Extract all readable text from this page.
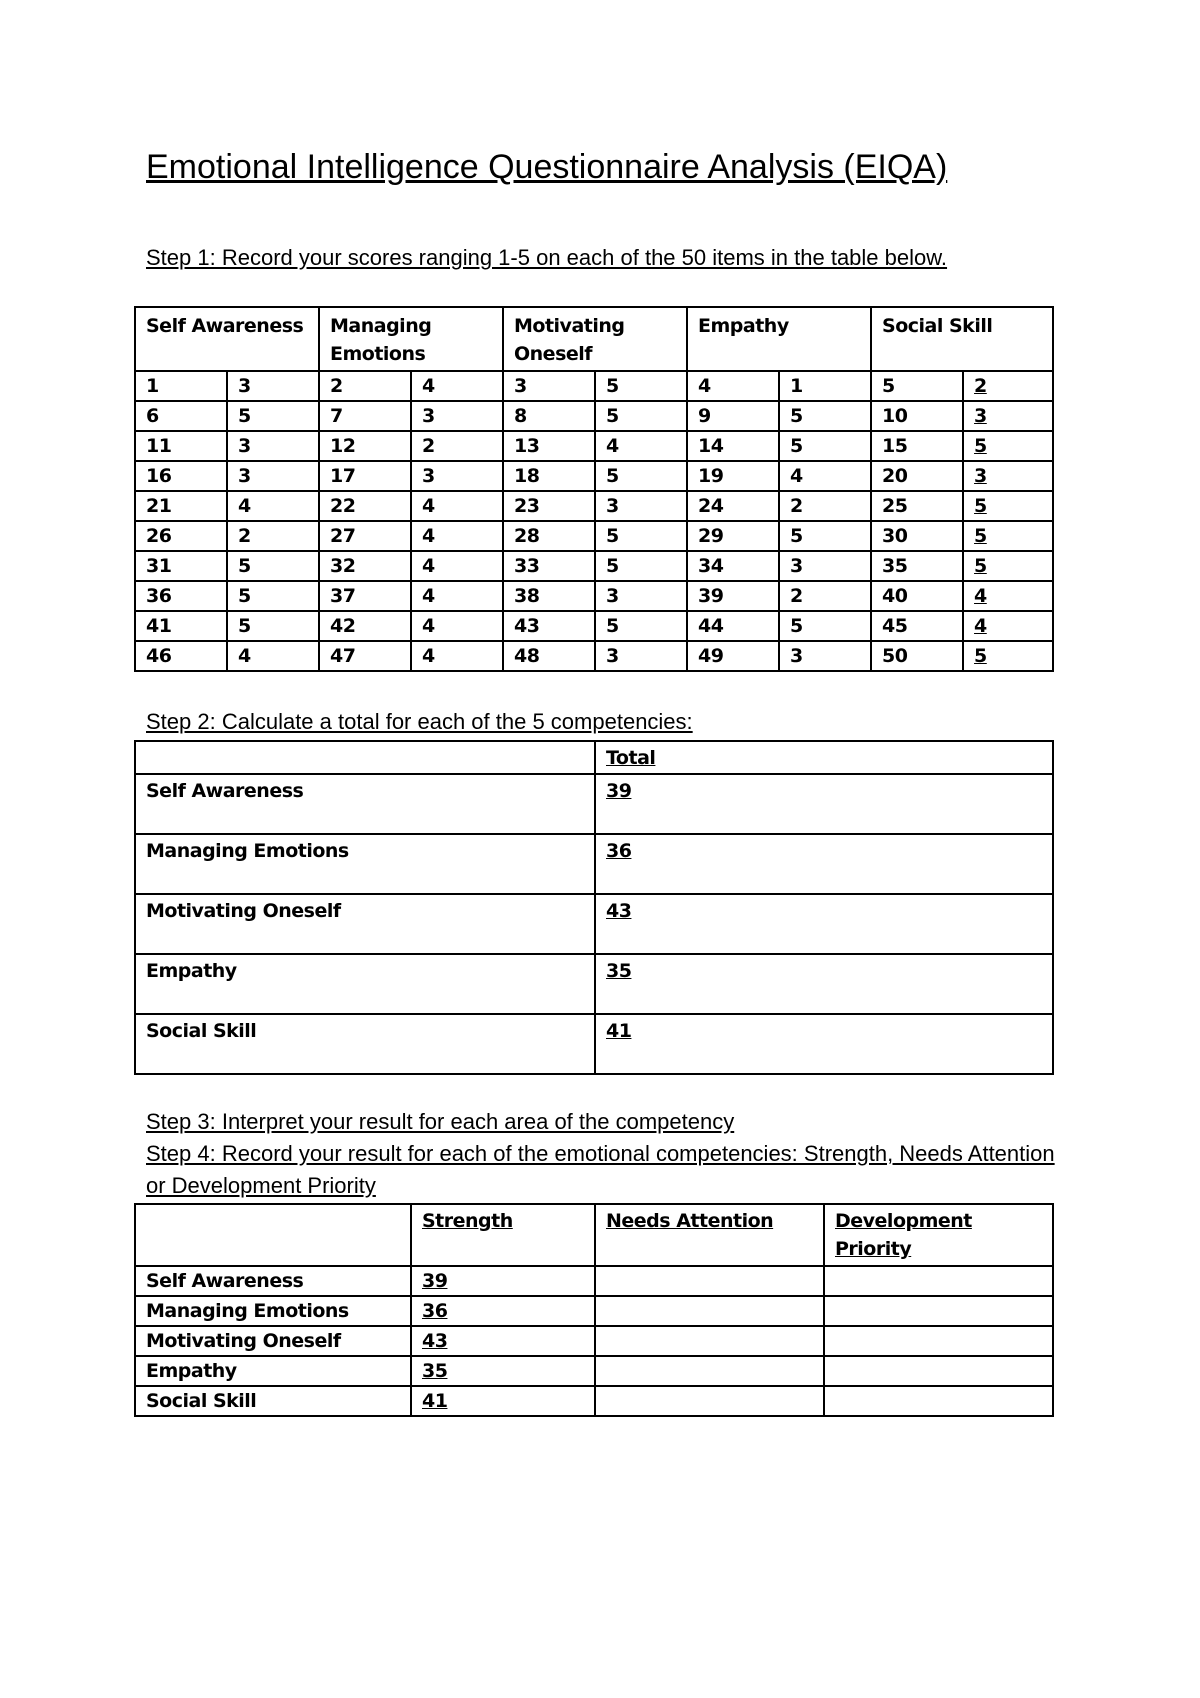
Emotional Intelligence Questionnaire Analysis (EIQA)

Step 1: Record your scores ranging 1-5 on each of the 50 items in the table below.

Self Awareness		Managing Emotions		Motivating Oneself		Empathy		Social Skill	
1	3	2	4	3	5	4	1	5	2
6	5	7	3	8	5	9	5	10	3
11	3	12	2	13	4	14	5	15	5
16	3	17	3	18	5	19	4	20	3
21	4	22	4	23	3	24	2	25	5
26	2	27	4	28	5	29	5	30	5
31	5	32	4	33	5	34	3	35	5
36	5	37	4	38	3	39	2	40	4
41	5	42	4	43	5	44	5	45	4
46	4	47	4	48	3	49	3	50	5

Step 2: Calculate a total for each of the 5 competencies:

	Total
Self Awareness	39
Managing Emotions	36
Motivating Oneself	43
Empathy	35
Social Skill	41

Step 3: Interpret your result for each area of the competency

Step 4: Record your result for each of the emotional competencies: Strength, Needs Attention or Development Priority

	Strength	Needs Attention	Development Priority
Self Awareness	39		
Managing Emotions	36		
Motivating Oneself	43		
Empathy	35		
Social Skill	41		
